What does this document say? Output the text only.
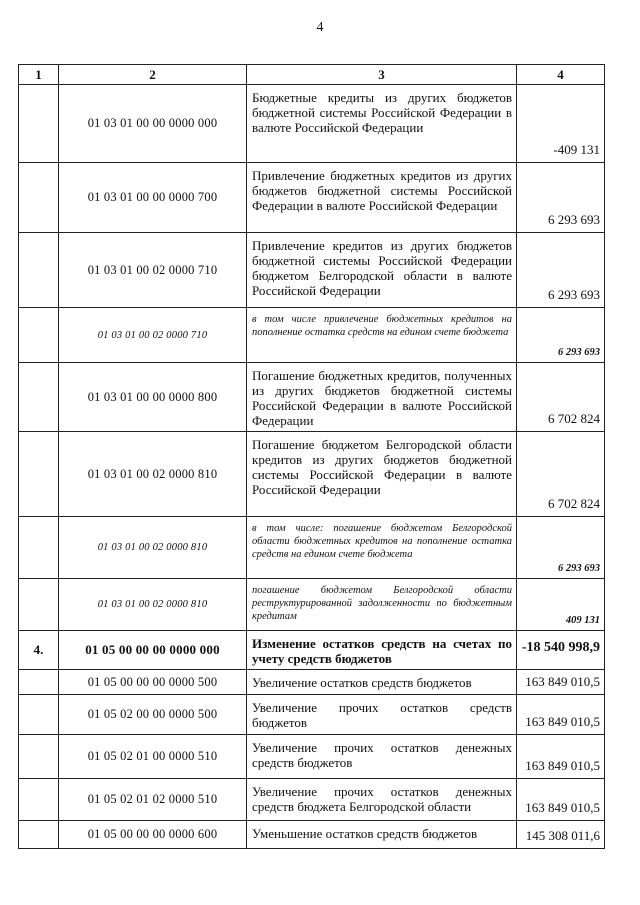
4
1	2	3	4
	01 03 01 00 00 0000 000	Бюджетные кредиты из других бюджетов бюджетной системы Российской Федерации в валюте Российской Федерации	-409 131
	01 03 01 00 00 0000 700	Привлечение бюджетных кредитов из других бюджетов бюджетной системы Российской Федерации в валюте Российской Федерации	6 293 693
	01 03 01 00 02 0000 710	Привлечение кредитов из других бюджетов бюджетной системы Российской Федерации бюджетом Белгородской области в валюте Российской Федерации	6 293 693
	01 03 01 00 02 0000 710	в том числе привлечение бюджетных кредитов на пополнение остатка средств на едином счете бюджета	6 293 693
	01 03 01 00 00 0000 800	Погашение бюджетных кредитов, полученных из других бюджетов бюджетной системы Российской Федерации в валюте Российской Федерации	6 702 824
	01 03 01 00 02 0000 810	Погашение бюджетом Белгородской области кредитов из других бюджетов бюджетной системы Российской Федерации в валюте Российской Федерации	6 702 824
	01 03 01 00 02 0000 810	в том числе: погашение бюджетом Белгородской области бюджетных кредитов на пополнение остатка средств на едином счете бюджета	6 293 693
	01 03 01 00 02 0000 810	погашение бюджетом Белгородской области реструктурированной задолженности по бюджетным кредитам	409 131
4.	01 05 00 00 00 0000 000	Изменение остатков средств на счетах по учету средств бюджетов	-18 540 998,9
	01 05 00 00 00 0000 500	Увеличение остатков средств бюджетов	163 849 010,5
	01 05 02 00 00 0000 500	Увеличение прочих остатков средств бюджетов	163 849 010,5
	01 05 02 01 00 0000 510	Увеличение прочих остатков денежных средств бюджетов	163 849 010,5
	01 05 02 01 02 0000 510	Увеличение прочих остатков денежных средств бюджета Белгородской области	163 849 010,5
	01 05 00 00 00 0000 600	Уменьшение остатков средств бюджетов	145 308 011,6
